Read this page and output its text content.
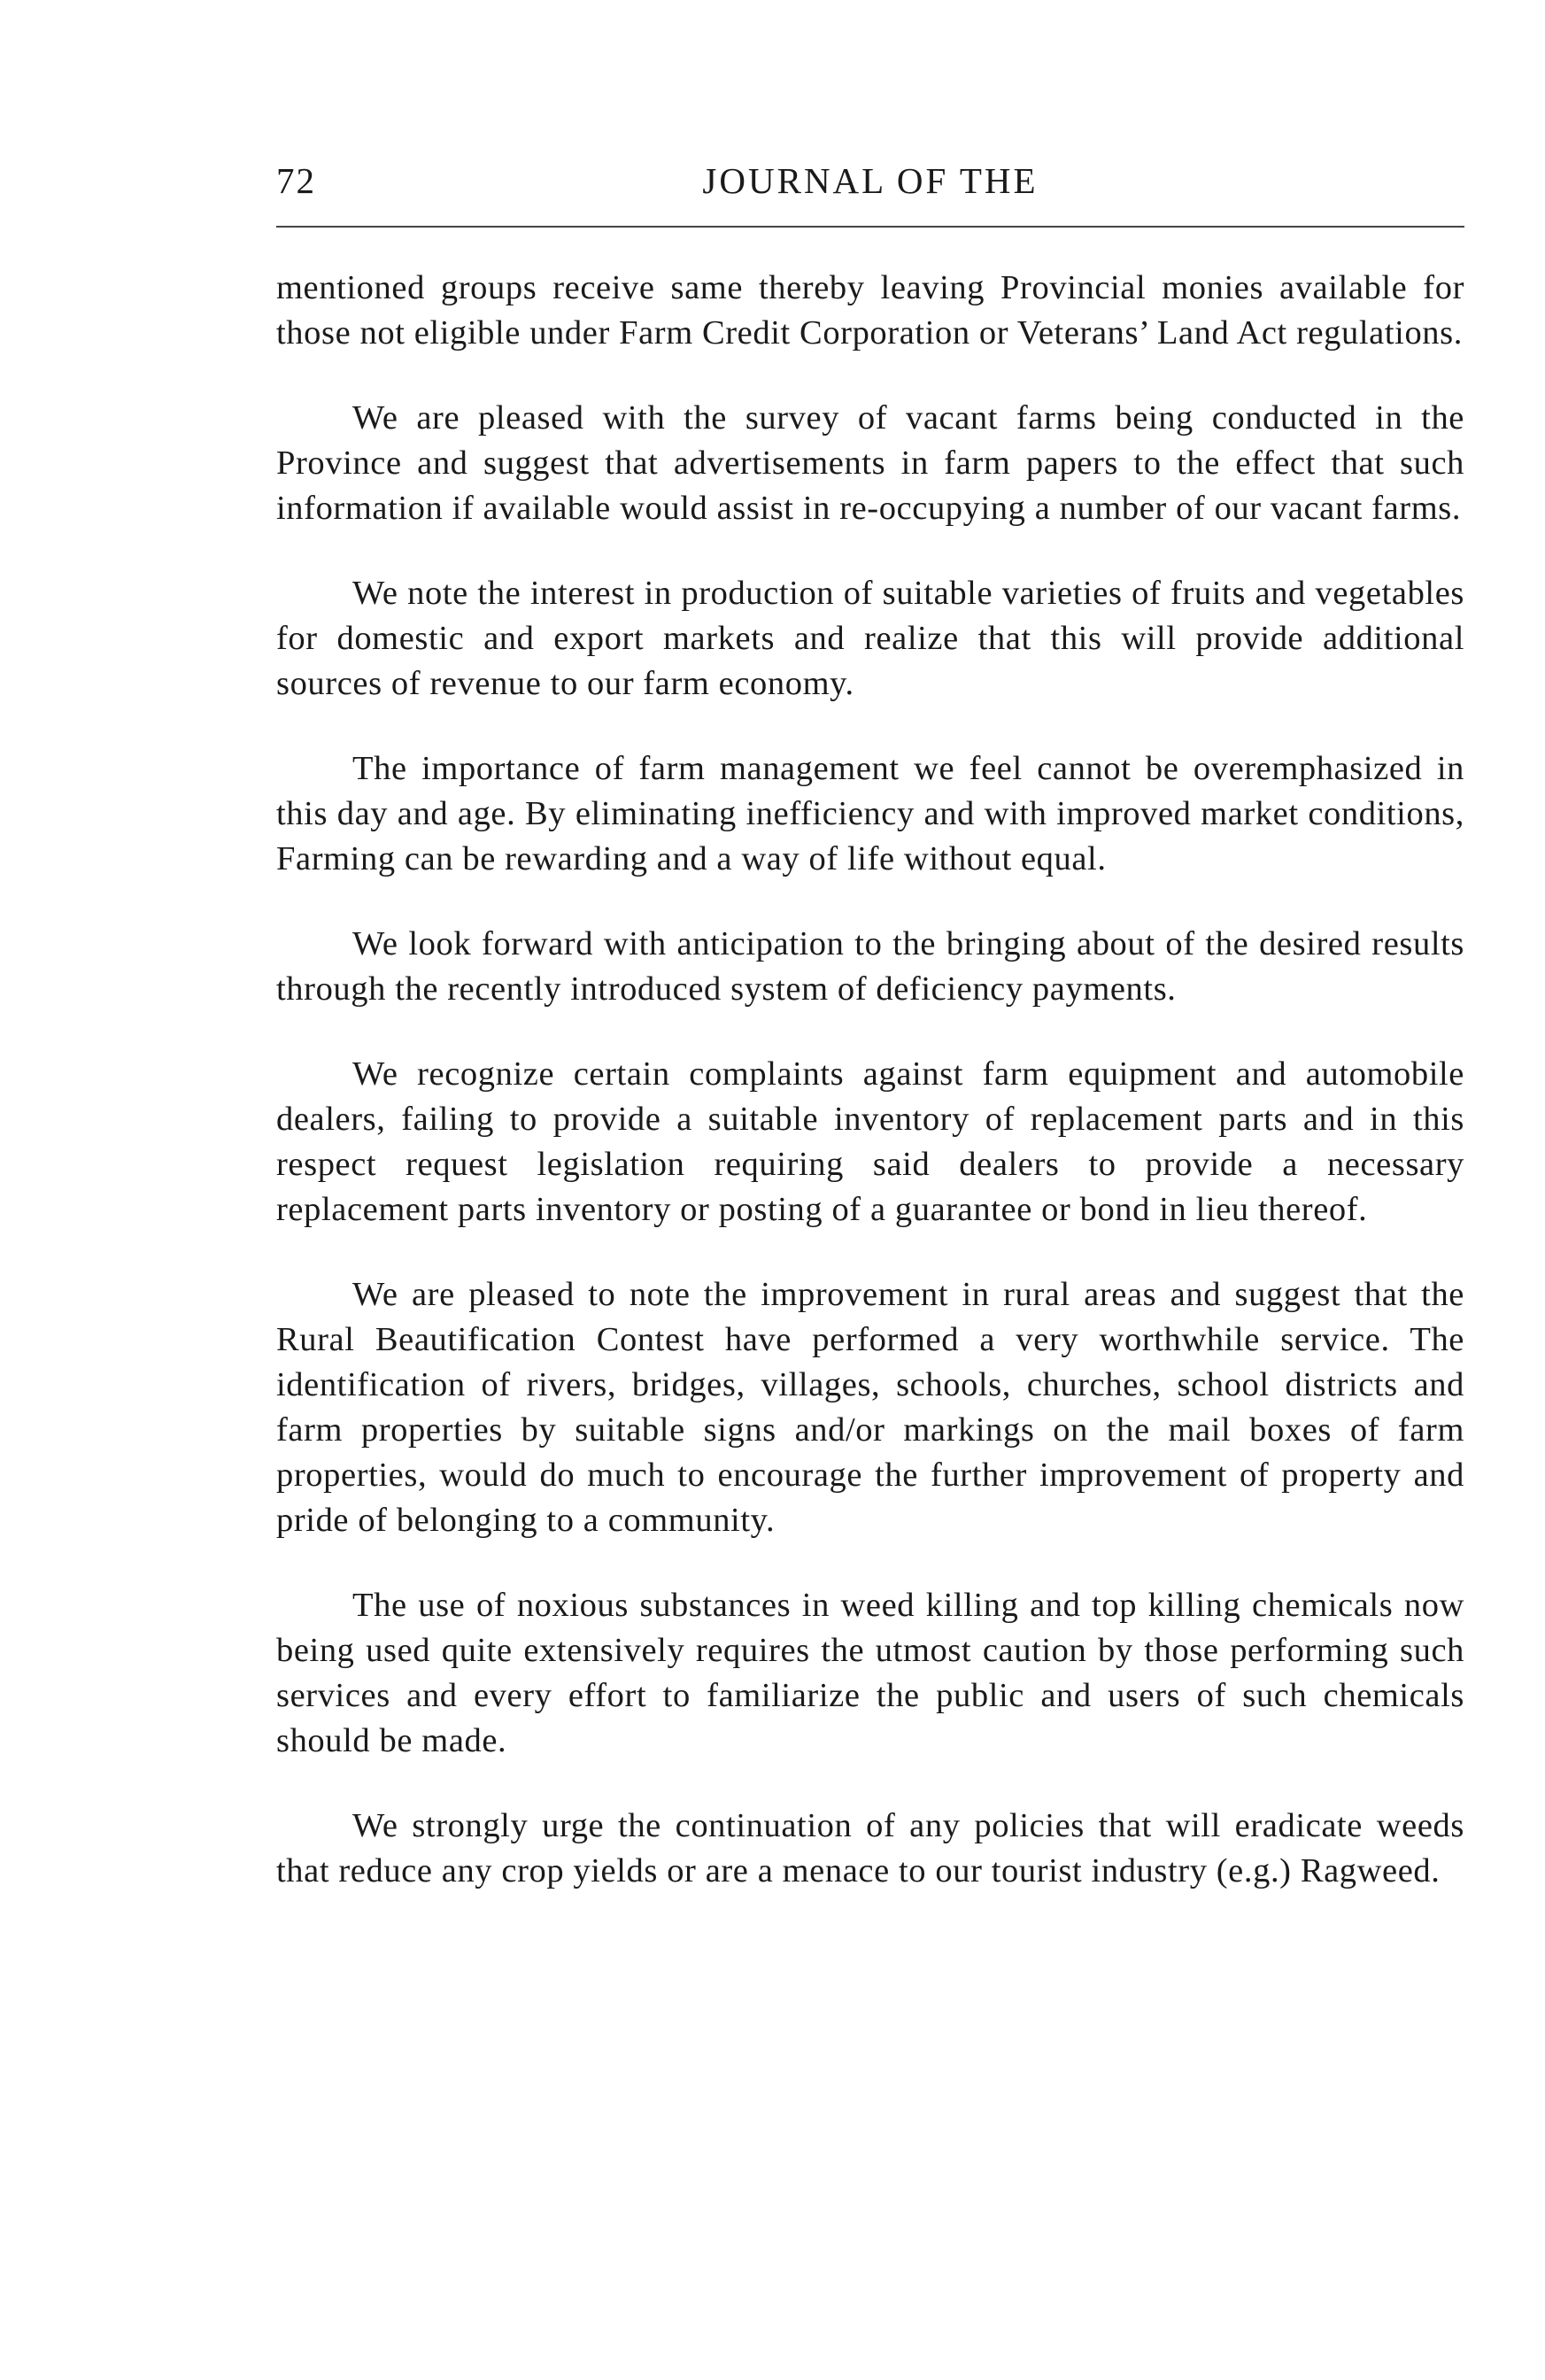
72	JOURNAL OF THE

mentioned groups receive same thereby leaving Provincial monies available for those not eligible under Farm Credit Corporation or Veterans’ Land Act regulations.

We are pleased with the survey of vacant farms being conducted in the Province and suggest that advertisements in farm papers to the effect that such information if available would assist in re-occupying a number of our vacant farms.

We note the interest in production of suitable varieties of fruits and vegetables for domestic and export markets and realize that this will provide additional sources of revenue to our farm economy.

The importance of farm management we feel cannot be overemphasized in this day and age. By eliminating inefficiency and with improved market conditions, Farming can be rewarding and a way of life without equal.

We look forward with anticipation to the bringing about of the desired results through the recently introduced system of deficiency payments.

We recognize certain complaints against farm equipment and automobile dealers, failing to provide a suitable inventory of replacement parts and in this respect request legislation requiring said dealers to provide a necessary replacement parts inventory or posting of a guarantee or bond in lieu thereof.

We are pleased to note the improvement in rural areas and suggest that the Rural Beautification Contest have performed a very worthwhile service. The identification of rivers, bridges, villages, schools, churches, school districts and farm properties by suitable signs and/or markings on the mail boxes of farm properties, would do much to encourage the further improvement of property and pride of belonging to a community.

The use of noxious substances in weed killing and top killing chemicals now being used quite extensively requires the utmost caution by those performing such services and every effort to familiarize the public and users of such chemicals should be made.

We strongly urge the continuation of any policies that will eradicate weeds that reduce any crop yields or are a menace to our tourist industry (e.g.) Ragweed.
